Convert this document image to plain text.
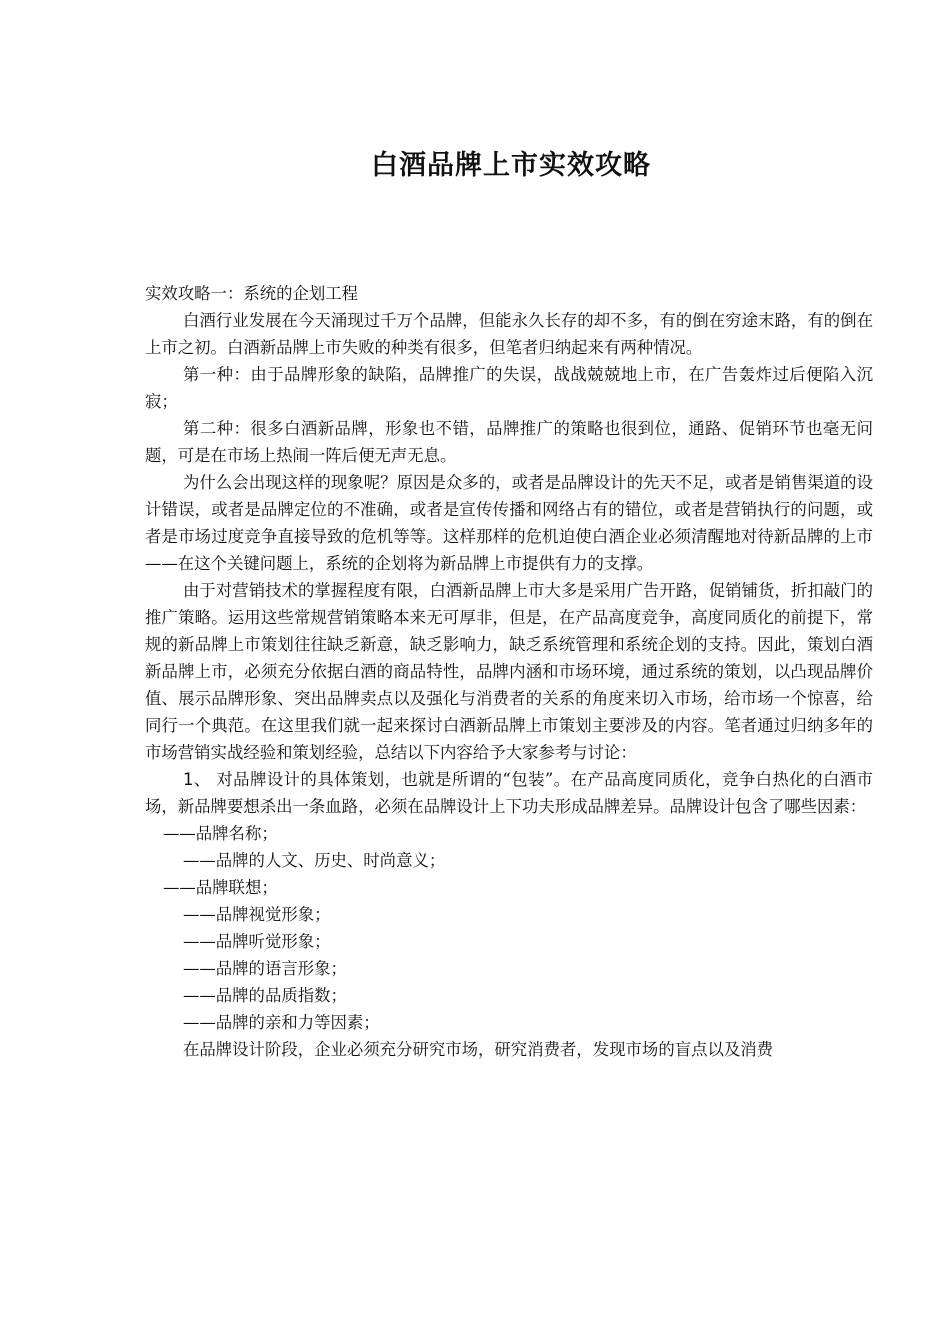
白酒品牌上市实效攻略

实效攻略一：系统的企划工程

白酒行业发展在今天涌现过千万个品牌，但能永久长存的却不多，有的倒在穷途末路，有的倒在上市之初。白酒新品牌上市失败的种类有很多，但笔者归纳起来有两种情况。

第一种：由于品牌形象的缺陷，品牌推广的失误，战战兢兢地上市，在广告轰炸过后便陷入沉寂；

第二种：很多白酒新品牌，形象也不错，品牌推广的策略也很到位，通路、促销环节也毫无问题，可是在市场上热闹一阵后便无声无息。

为什么会出现这样的现象呢？原因是众多的，或者是品牌设计的先天不足，或者是销售渠道的设计错误，或者是品牌定位的不准确，或者是宣传传播和网络占有的错位，或者是营销执行的问题，或者是市场过度竞争直接导致的危机等等。这样那样的危机迫使白酒企业必须清醒地对待新品牌的上市——在这个关键问题上，系统的企划将为新品牌上市提供有力的支撑。

由于对营销技术的掌握程度有限，白酒新品牌上市大多是采用广告开路，促销铺货，折扣敲门的推广策略。运用这些常规营销策略本来无可厚非，但是，在产品高度竞争，高度同质化的前提下，常规的新品牌上市策划往往缺乏新意，缺乏影响力，缺乏系统管理和系统企划的支持。因此，策划白酒新品牌上市，必须充分依据白酒的商品特性，品牌内涵和市场环境，通过系统的策划，以凸现品牌价值、展示品牌形象、突出品牌卖点以及强化与消费者的关系的角度来切入市场，给市场一个惊喜，给同行一个典范。在这里我们就一起来探讨白酒新品牌上市策划主要涉及的内容。笔者通过归纳多年的市场营销实战经验和策划经验，总结以下内容给予大家参考与讨论：

1、 对品牌设计的具体策划，也就是所谓的“包装”。在产品高度同质化，竞争白热化的白酒市场，新品牌要想杀出一条血路，必须在品牌设计上下功夫形成品牌差异。品牌设计包含了哪些因素：

——品牌名称；

——品牌的人文、历史、时尚意义；

——品牌联想；

——品牌视觉形象；

——品牌听觉形象；

——品牌的语言形象；

——品牌的品质指数；

——品牌的亲和力等因素；

在品牌设计阶段，企业必须充分研究市场，研究消费者，发现市场的盲点以及消费
